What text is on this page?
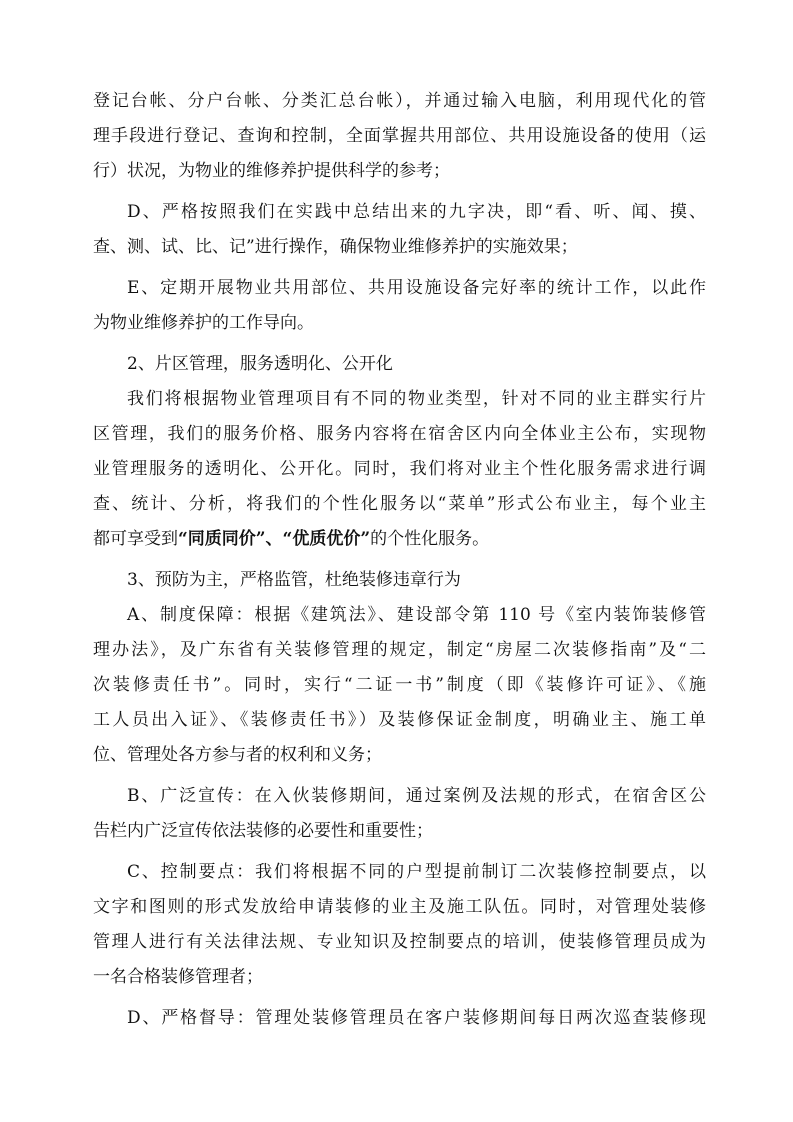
登记台帐、分户台帐、分类汇总台帐），并通过输入电脑，利用现代化的管
理手段进行登记、查询和控制，全面掌握共用部位、共用设施设备的使用（运
行）状况，为物业的维修养护提供科学的参考；
D、严格按照我们在实践中总结出来的九字决，即“看、听、闻、摸、
查、测、试、比、记”进行操作，确保物业维修养护的实施效果；
E、定期开展物业共用部位、共用设施设备完好率的统计工作，以此作
为物业维修养护的工作导向。
2、片区管理，服务透明化、公开化
我们将根据物业管理项目有不同的物业类型，针对不同的业主群实行片
区管理，我们的服务价格、服务内容将在宿舍区内向全体业主公布，实现物
业管理服务的透明化、公开化。同时，我们将对业主个性化服务需求进行调
查、统计、分析，将我们的个性化服务以“菜单”形式公布业主，每个业主
都可享受到“同质同价”、“优质优价”的个性化服务。
3、预防为主，严格监管，杜绝装修违章行为
A、制度保障：根据《建筑法》、建设部令第 110 号《室内装饰装修管
理办法》，及广东省有关装修管理的规定，制定“房屋二次装修指南”及“二
次装修责任书”。同时，实行“二证一书”制度（即《装修许可证》、《施
工人员出入证》、《装修责任书》）及装修保证金制度，明确业主、施工单
位、管理处各方参与者的权利和义务；
B、广泛宣传：在入伙装修期间，通过案例及法规的形式，在宿舍区公
告栏内广泛宣传依法装修的必要性和重要性；
C、控制要点：我们将根据不同的户型提前制订二次装修控制要点，以
文字和图则的形式发放给申请装修的业主及施工队伍。同时，对管理处装修
管理人进行有关法律法规、专业知识及控制要点的培训，使装修管理员成为
一名合格装修管理者；
D、严格督导：管理处装修管理员在客户装修期间每日两次巡查装修现
